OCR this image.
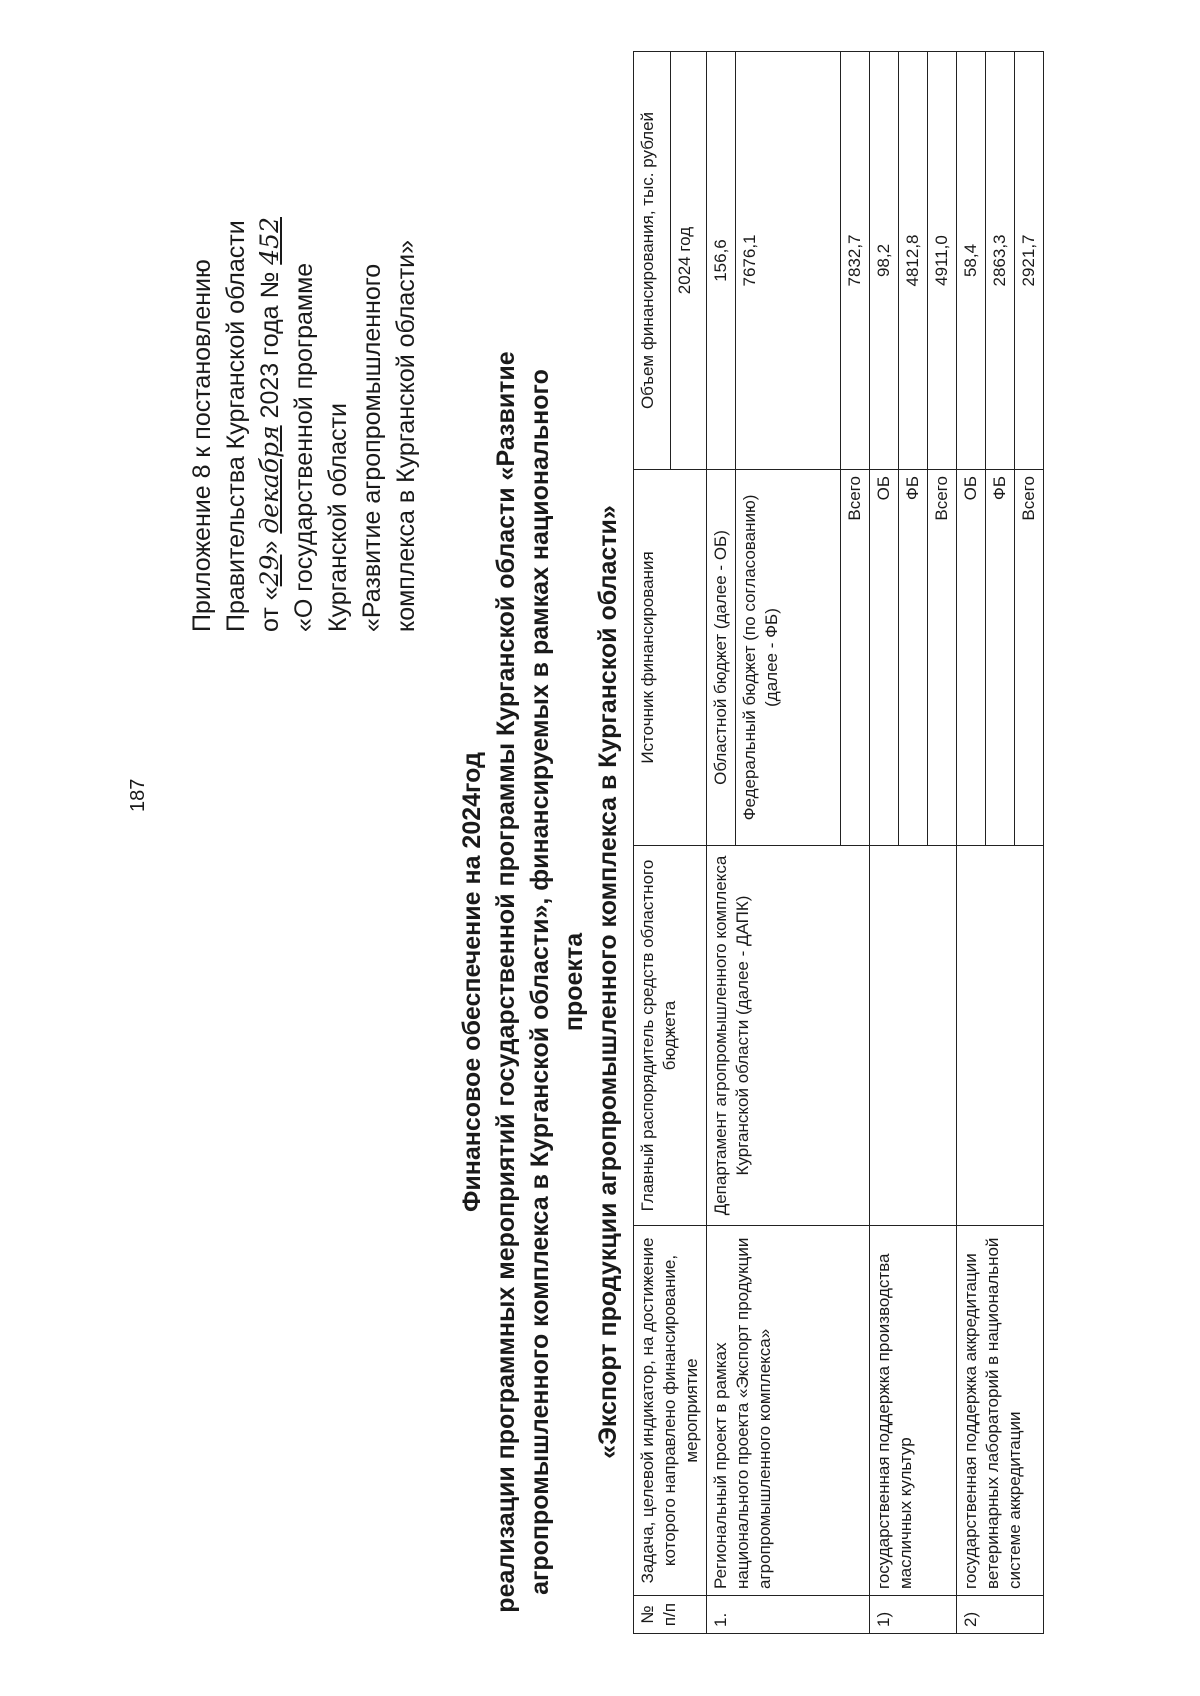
187
Приложение 8 к постановлению Правительства Курганской области от «29» декабря 2023 года № 452
«О государственной программе Курганской области «Развитие агропромышленного комплекса в Курганской области»
Финансовое обеспечение на 2024год реализации программных мероприятий государственной программы Курганской области «Развитие агропромышленного комплекса в Курганской области», финансируемых в рамках национального проекта «Экспорт продукции агропромышленного комплекса в Курганской области»
№ п/п	Задача, целевой индикатор, на достижение которого направлено финансирование, мероприятие	Главный распорядитель средств областного бюджета	Источник финансирования	Объем финансирования, тыс. рублей
				2024 год
1.	Региональный проект в рамках национального проекта «Экспорт продукции агропромышленного комплекса»	Департамент агропромышленного комплекса Курганской области (далее - ДАПК)	Областной бюджет (далее - ОБ)	156,6
			Федеральный бюджет (по согласованию) (далее - ФБ)	7676,1
			Всего	7832,7
1)	государственная поддержка производства масличных культур		ОБ	98,2
			ФБ	4812,8
			Всего	4911,0
2)	государственная поддержка аккредитации ветеринарных лабораторий в национальной системе аккредитации		ОБ	58,4
			ФБ	2863,3
			Всего	2921,7
